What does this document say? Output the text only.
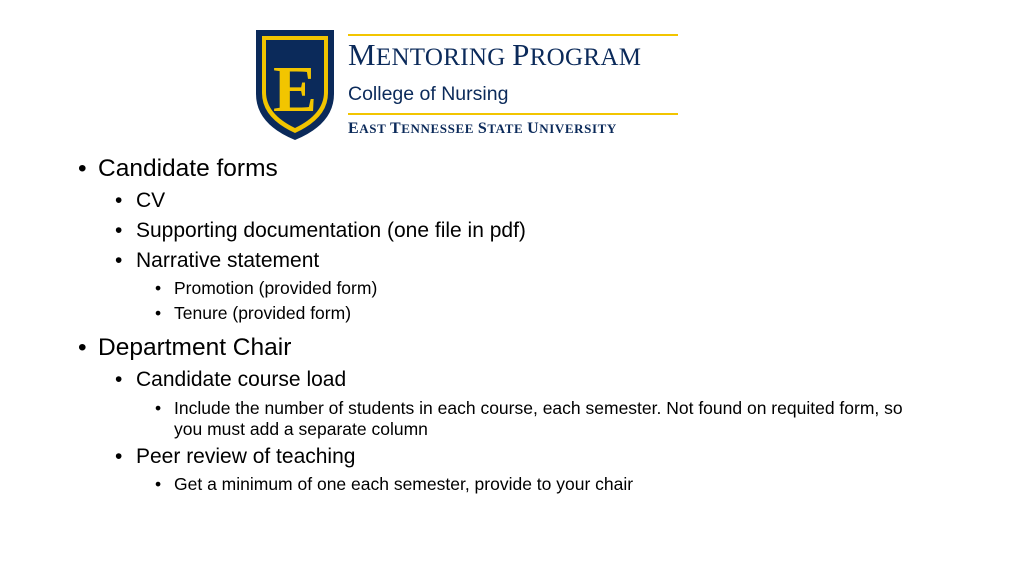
E MENTORING PROGRAM
College of Nursing
EAST TENNESSEE STATE UNIVERSITY
• Candidate forms
• CV
• Supporting documentation (one file in pdf)
• Narrative statement
• Promotion (provided form)
• Tenure (provided form)
• Department Chair
• Candidate course load
• Include the number of students in each course, each semester. Not found on requited form, so you must add a separate column
• Peer review of teaching
• Get a minimum of one each semester, provide to your chair
